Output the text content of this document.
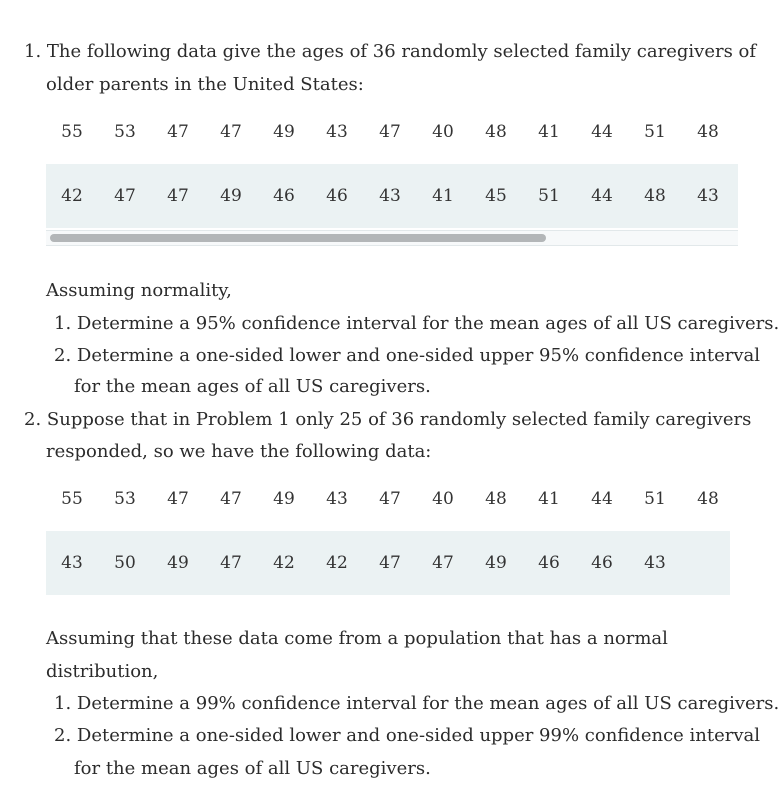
1. The following data give the ages of 36 randomly selected family caregivers of
older parents in the United States:
55	53	47	47	49	43	47	40	48	41	44	51	48
42	47	47	49	46	46	43	41	45	51	44	48	43
Assuming normality,
1. Determine a 95% confidence interval for the mean ages of all US caregivers.
2. Determine a one-sided lower and one-sided upper 95% confidence interval
for the mean ages of all US caregivers.
2. Suppose that in Problem 1 only 25 of 36 randomly selected family caregivers
responded, so we have the following data:
55	53	47	47	49	43	47	40	48	41	44	51	48
43	50	49	47	42	42	47	47	49	46	46	43
Assuming that these data come from a population that has a normal
distribution,
1. Determine a 99% confidence interval for the mean ages of all US caregivers.
2. Determine a one-sided lower and one-sided upper 99% confidence interval
for the mean ages of all US caregivers.
